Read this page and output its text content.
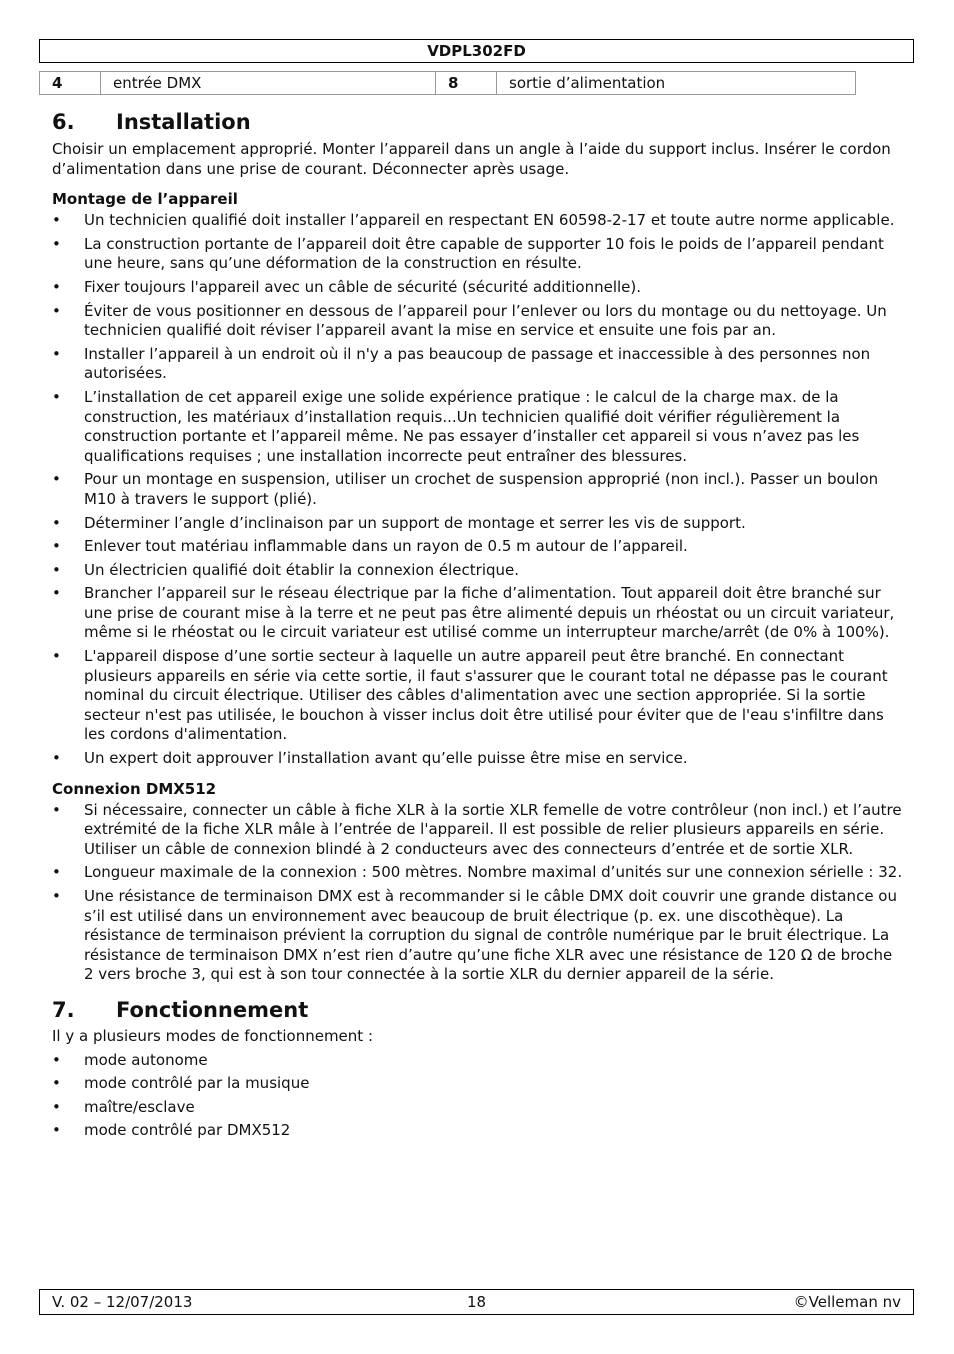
VDPL302FD
4	entrée DMX	8	sortie d’alimentation
6.	Installation

Choisir un emplacement approprié. Monter l’appareil dans un angle à l’aide du support inclus. Insérer le cordon d’alimentation dans une prise de courant. Déconnecter après usage.

Montage de l’appareil
• Un technicien qualifié doit installer l’appareil en respectant EN 60598-2-17 et toute autre norme applicable.
• La construction portante de l’appareil doit être capable de supporter 10 fois le poids de l’appareil pendant une heure, sans qu’une déformation de la construction en résulte.
• Fixer toujours l'appareil avec un câble de sécurité (sécurité additionnelle).
• Éviter de vous positionner en dessous de l’appareil pour l’enlever ou lors du montage ou du nettoyage. Un technicien qualifié doit réviser l’appareil avant la mise en service et ensuite une fois par an.
• Installer l’appareil à un endroit où il n'y a pas beaucoup de passage et inaccessible à des personnes non autorisées.
• L’installation de cet appareil exige une solide expérience pratique : le calcul de la charge max. de la construction, les matériaux d’installation requis...Un technicien qualifié doit vérifier régulièrement la construction portante et l’appareil même. Ne pas essayer d’installer cet appareil si vous n’avez pas les qualifications requises ; une installation incorrecte peut entraîner des blessures.
• Pour un montage en suspension, utiliser un crochet de suspension approprié (non incl.). Passer un boulon M10 à travers le support (plié).
• Déterminer l’angle d’inclinaison par un support de montage et serrer les vis de support.
• Enlever tout matériau inflammable dans un rayon de 0.5 m autour de l’appareil.
• Un électricien qualifié doit établir la connexion électrique.
• Brancher l’appareil sur le réseau électrique par la fiche d’alimentation. Tout appareil doit être branché sur une prise de courant mise à la terre et ne peut pas être alimenté depuis un rhéostat ou un circuit variateur, même si le rhéostat ou le circuit variateur est utilisé comme un interrupteur marche/arrêt (de 0% à 100%).
• L'appareil dispose d’une sortie secteur à laquelle un autre appareil peut être branché. En connectant plusieurs appareils en série via cette sortie, il faut s'assurer que le courant total ne dépasse pas le courant nominal du circuit électrique. Utiliser des câbles d'alimentation avec une section appropriée. Si la sortie secteur n'est pas utilisée, le bouchon à visser inclus doit être utilisé pour éviter que de l'eau s'infiltre dans les cordons d'alimentation.
• Un expert doit approuver l’installation avant qu’elle puisse être mise en service.
Connexion DMX512
• Si nécessaire, connecter un câble à fiche XLR à la sortie XLR femelle de votre contrôleur (non incl.) et l’autre extrémité de la fiche XLR mâle à l’entrée de l'appareil. Il est possible de relier plusieurs appareils en série. Utiliser un câble de connexion blindé à 2 conducteurs avec des connecteurs d’entrée et de sortie XLR.
• Longueur maximale de la connexion : 500 mètres. Nombre maximal d’unités sur une connexion sérielle : 32.
• Une résistance de terminaison DMX est à recommander si le câble DMX doit couvrir une grande distance ou s’il est utilisé dans un environnement avec beaucoup de bruit électrique (p. ex. une discothèque). La résistance de terminaison prévient la corruption du signal de contrôle numérique par le bruit électrique. La résistance de terminaison DMX n’est rien d’autre qu’une fiche XLR avec une résistance de 120 Ω de broche 2 vers broche 3, qui est à son tour connectée à la sortie XLR du dernier appareil de la série.
7.	Fonctionnement

Il y a plusieurs modes de fonctionnement :

• mode autonome
• mode contrôlé par la musique
• maître/esclave
• mode contrôlé par DMX512
18
V. 02 – 12/07/2013	©Velleman nv
